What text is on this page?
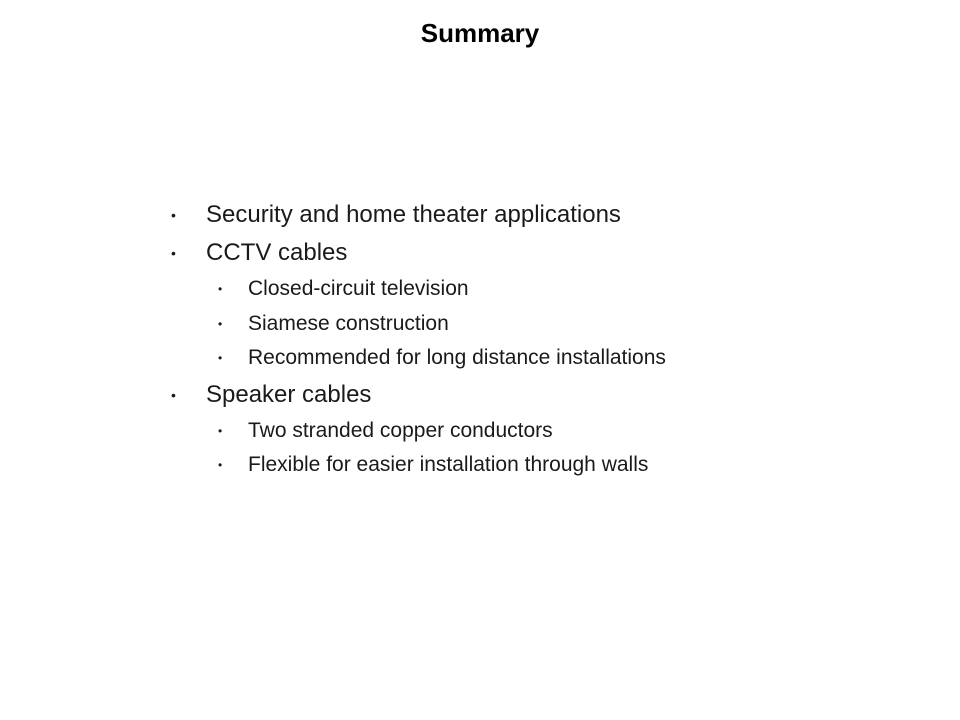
Summary
• Security and home theater applications
• CCTV cables
• Closed-circuit television
• Siamese construction
• Recommended for long distance installations
• Speaker cables
• Two stranded copper conductors
• Flexible for easier installation through walls
